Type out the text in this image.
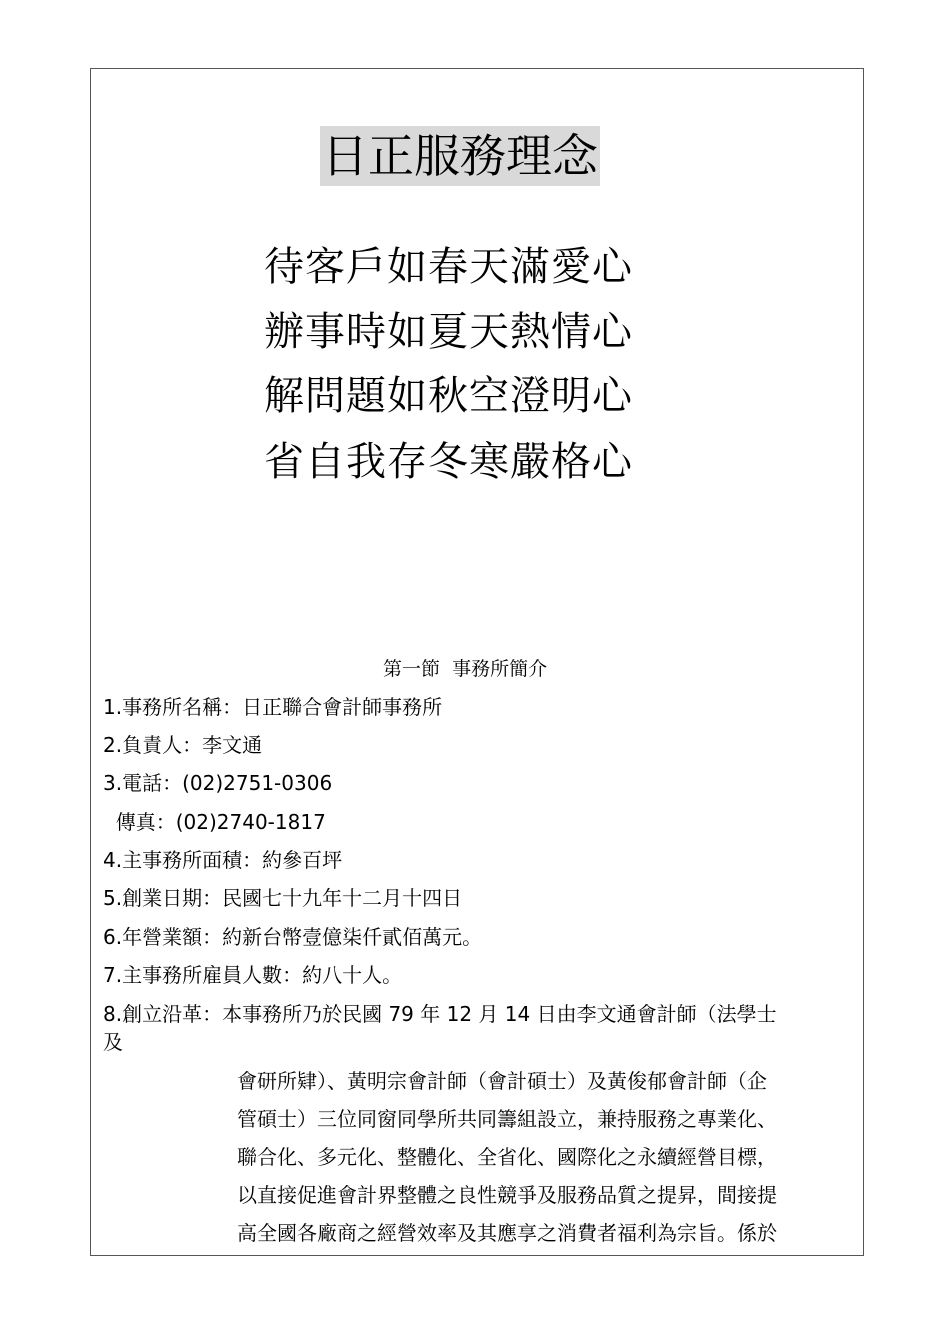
日正服務理念
待客戶如春天滿愛心
辦事時如夏天熱情心
解問題如秋空澄明心
省自我存冬寒嚴格心
第一節  事務所簡介
1.事務所名稱：日正聯合會計師事務所
2.負責人：李文通
3.電話：(02)2751-0306
傳真：(02)2740-1817
4.主事務所面積：約參百坪
5.創業日期：民國七十九年十二月十四日
6.年營業額：約新台幣壹億柒仟貳佰萬元。
7.主事務所雇員人數：約八十人。
8.創立沿革：本事務所乃於民國 79 年 12 月 14 日由李文通會計師（法學士
及
會研所肄）、黃明宗會計師（會計碩士）及黃俊郁會計師（企
管碩士）三位同窗同學所共同籌組設立，兼持服務之專業化、
聯合化、多元化、整體化、全省化、國際化之永續經營目標，
以直接促進會計界整體之良性競爭及服務品質之提昇，間接提
高全國各廠商之經營效率及其應享之消費者福利為宗旨。係於
